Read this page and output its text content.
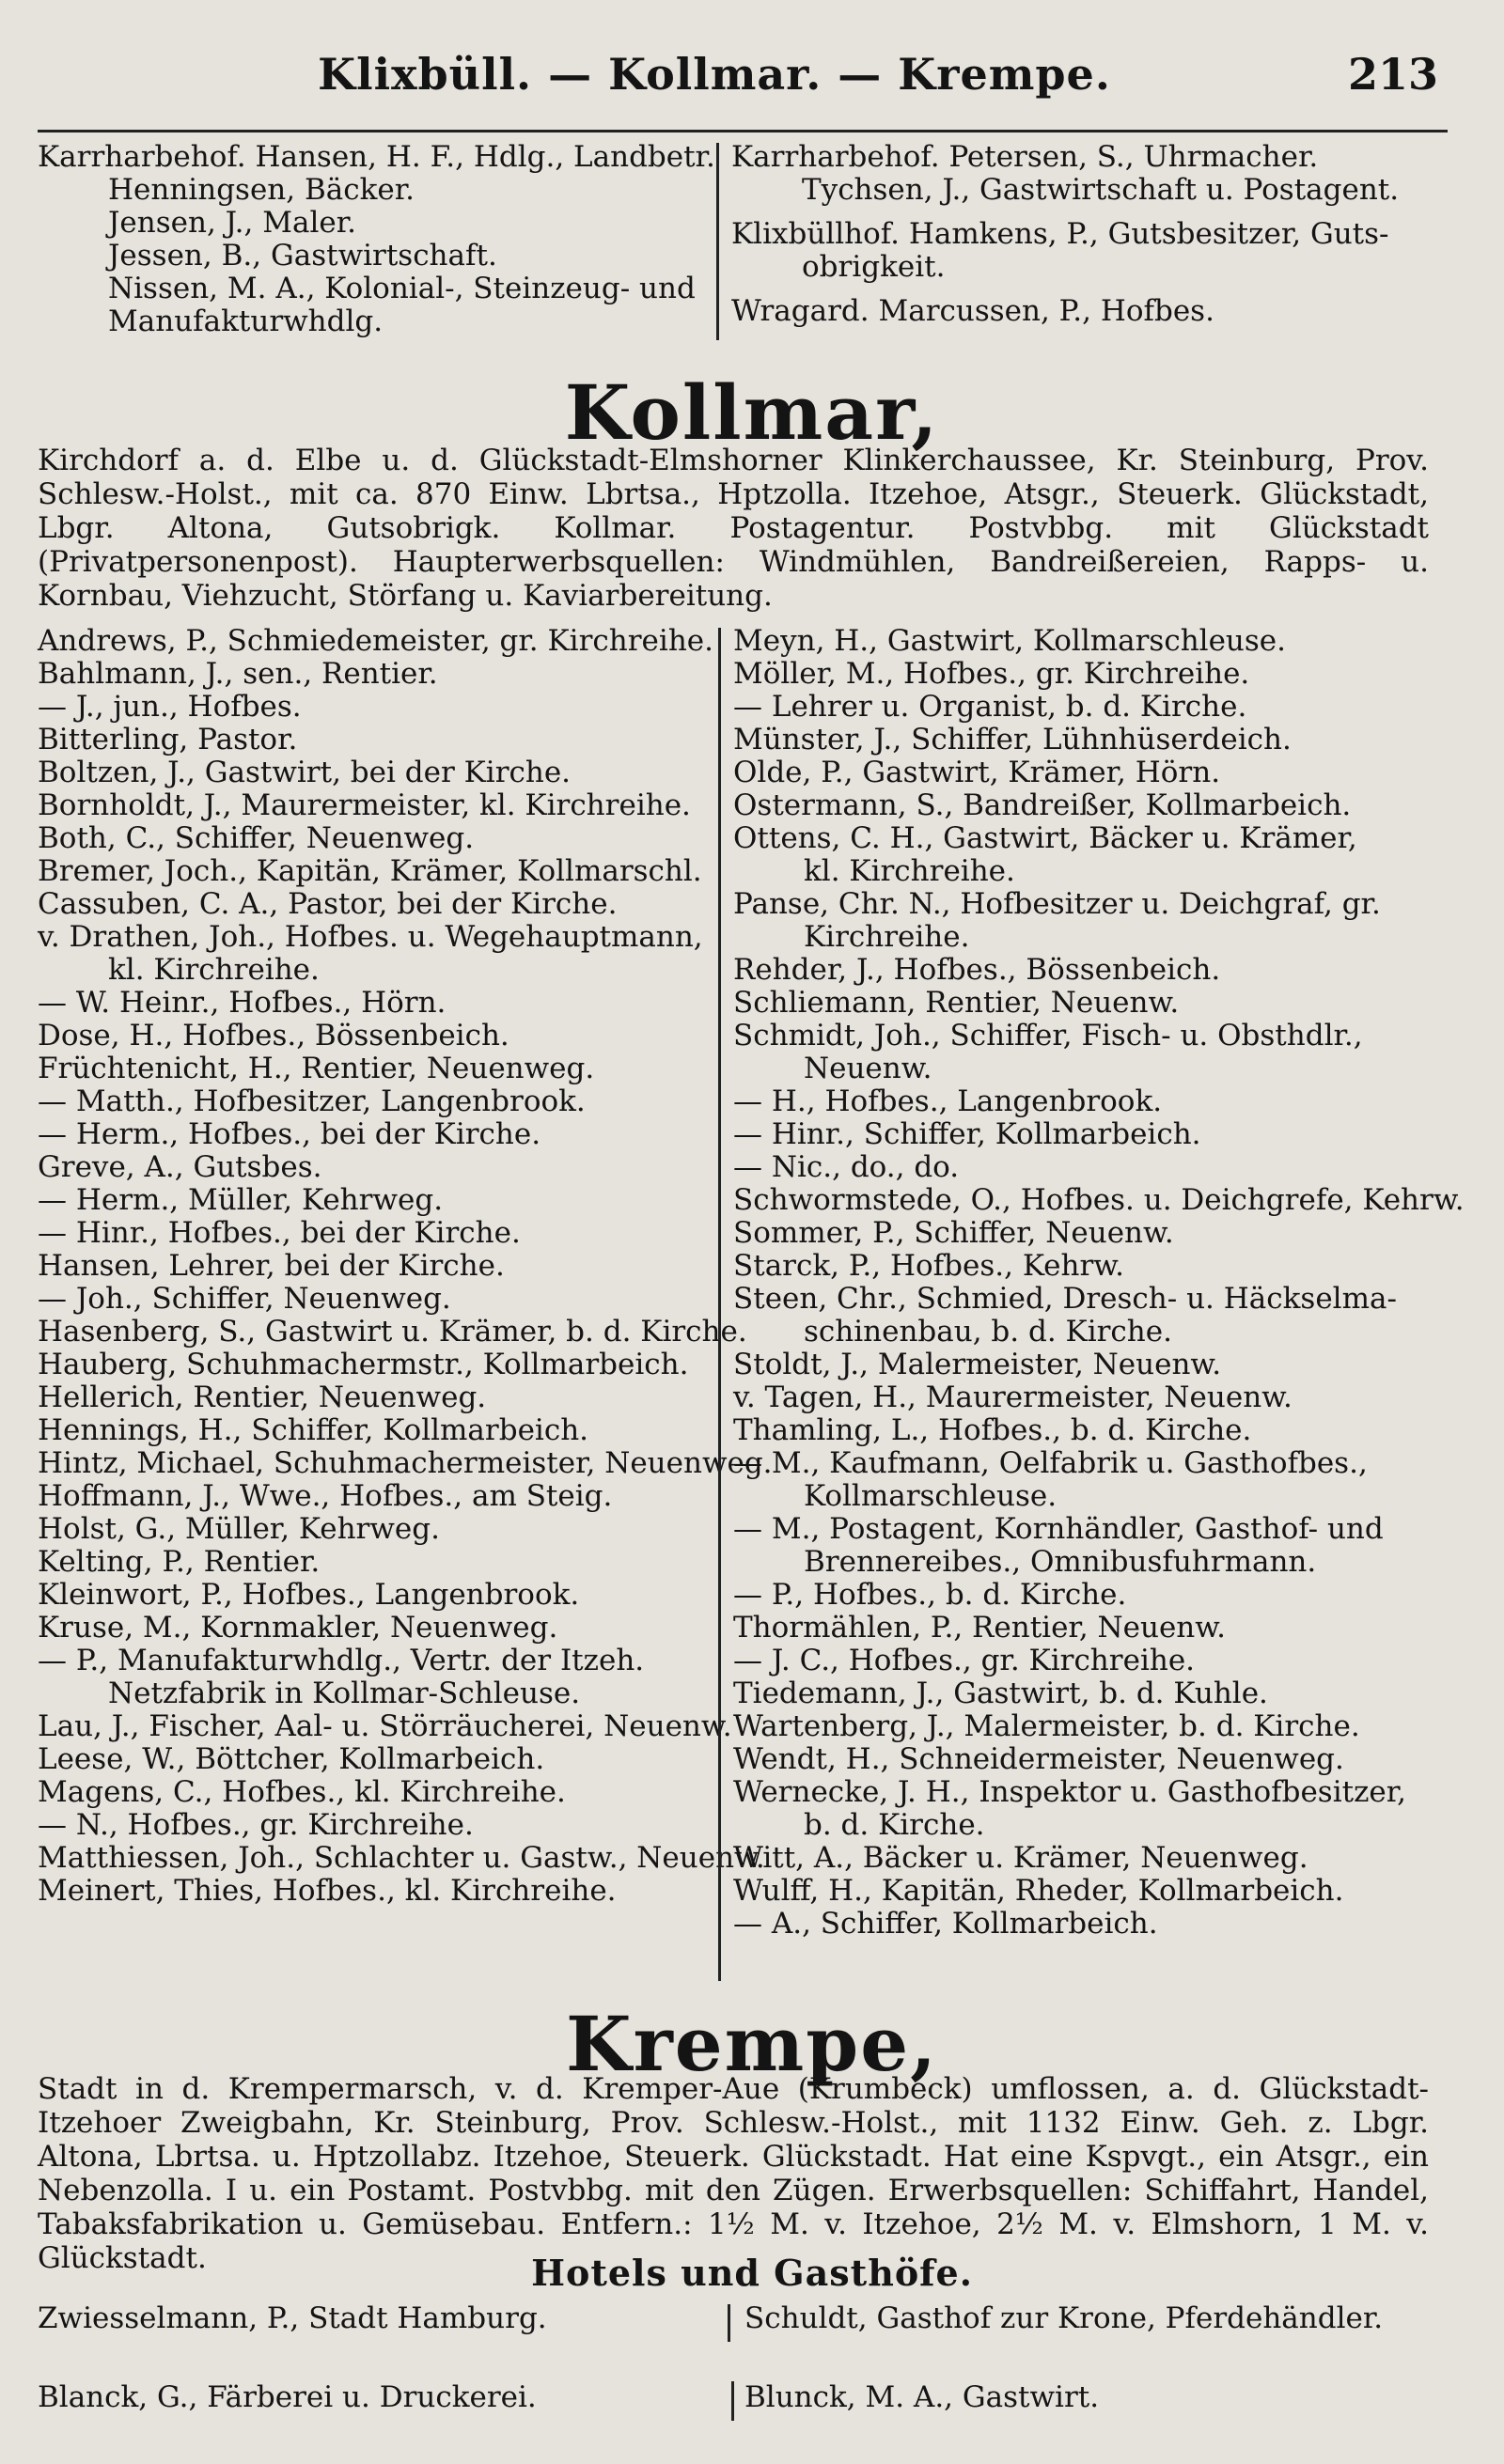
Klixbüll. — Kollmar. — Krempe.	213
Karrharbehof. Hansen, H. F., Hdlg., Landbetr.
Henningsen, Bäcker.
Jensen, J., Maler.
Jessen, B., Gastwirtschaft.
Nissen, M. A., Kolonial-, Steinzeug- und
Manufakturwhdlg.
Karrharbehof. Petersen, S., Uhrmacher.
Tychsen, J., Gastwirtschaft u. Postagent.
Klixbüllhof. Hamkens, P., Gutsbesitzer, Guts-
obrigkeit.
Wragard. Marcussen, P., Hofbes.
Kollmar,
Kirchdorf a. d. Elbe u. d. Glückstadt-Elmshorner Klinkerchaussee, Kr. Steinburg, Prov. Schlesw.-Holst., mit ca. 870 Einw. Lbrtsa., Hptzolla. Itzehoe, Atsgr., Steuerk. Glückstadt, Lbgr. Altona, Gutsobrigk. Kollmar. Postagentur. Postvbbg. mit Glückstadt (Privatpersonenpost). Haupterwerbsquellen: Windmühlen, Bandreißereien, Rapps- u. Kornbau, Viehzucht, Störfang u. Kaviarbereitung.
Andrews, P., Schmiedemeister, gr. Kirchreihe.
Bahlmann, J., sen., Rentier.
— J., jun., Hofbes.
Bitterling, Pastor.
Boltzen, J., Gastwirt, bei der Kirche.
Bornholdt, J., Maurermeister, kl. Kirchreihe.
Both, C., Schiffer, Neuenweg.
Bremer, Joch., Kapitän, Krämer, Kollmarschl.
Cassuben, C. A., Pastor, bei der Kirche.
v. Drathen, Joh., Hofbes. u. Wegehauptmann,
kl. Kirchreihe.
— W. Heinr., Hofbes., Hörn.
Dose, H., Hofbes., Bössenbeich.
Früchtenicht, H., Rentier, Neuenweg.
— Matth., Hofbesitzer, Langenbrook.
— Herm., Hofbes., bei der Kirche.
Greve, A., Gutsbes.
— Herm., Müller, Kehrweg.
— Hinr., Hofbes., bei der Kirche.
Hansen, Lehrer, bei der Kirche.
— Joh., Schiffer, Neuenweg.
Hasenberg, S., Gastwirt u. Krämer, b. d. Kirche.
Hauberg, Schuhmachermstr., Kollmarbeich.
Hellerich, Rentier, Neuenweg.
Hennings, H., Schiffer, Kollmarbeich.
Hintz, Michael, Schuhmachermeister, Neuenweg.
Hoffmann, J., Wwe., Hofbes., am Steig.
Holst, G., Müller, Kehrweg.
Kelting, P., Rentier.
Kleinwort, P., Hofbes., Langenbrook.
Kruse, M., Kornmakler, Neuenweg.
— P., Manufakturwhdlg., Vertr. der Itzeh.
Netzfabrik in Kollmar-Schleuse.
Lau, J., Fischer, Aal- u. Störräucherei, Neuenw.
Leese, W., Böttcher, Kollmarbeich.
Magens, C., Hofbes., kl. Kirchreihe.
— N., Hofbes., gr. Kirchreihe.
Matthiessen, Joh., Schlachter u. Gastw., Neuenw.
Meinert, Thies, Hofbes., kl. Kirchreihe.
Meyn, H., Gastwirt, Kollmarschleuse.
Möller, M., Hofbes., gr. Kirchreihe.
— Lehrer u. Organist, b. d. Kirche.
Münster, J., Schiffer, Lühnhüserdeich.
Olde, P., Gastwirt, Krämer, Hörn.
Ostermann, S., Bandreißer, Kollmarbeich.
Ottens, C. H., Gastwirt, Bäcker u. Krämer,
kl. Kirchreihe.
Panse, Chr. N., Hofbesitzer u. Deichgraf, gr.
Kirchreihe.
Rehder, J., Hofbes., Bössenbeich.
Schliemann, Rentier, Neuenw.
Schmidt, Joh., Schiffer, Fisch- u. Obsthdlr.,
Neuenw.
— H., Hofbes., Langenbrook.
— Hinr., Schiffer, Kollmarbeich.
— Nic., do., do.
Schwormstede, O., Hofbes. u. Deichgrefe, Kehrw.
Sommer, P., Schiffer, Neuenw.
Starck, P., Hofbes., Kehrw.
Steen, Chr., Schmied, Dresch- u. Häckselma-
schinenbau, b. d. Kirche.
Stoldt, J., Malermeister, Neuenw.
v. Tagen, H., Maurermeister, Neuenw.
Thamling, L., Hofbes., b. d. Kirche.
— M., Kaufmann, Oelfabrik u. Gasthofbes.,
Kollmarschleuse.
— M., Postagent, Kornhändler, Gasthof- und
Brennereibes., Omnibusfuhrmann.
— P., Hofbes., b. d. Kirche.
Thormählen, P., Rentier, Neuenw.
— J. C., Hofbes., gr. Kirchreihe.
Tiedemann, J., Gastwirt, b. d. Kuhle.
Wartenberg, J., Malermeister, b. d. Kirche.
Wendt, H., Schneidermeister, Neuenweg.
Wernecke, J. H., Inspektor u. Gasthofbesitzer,
b. d. Kirche.
Witt, A., Bäcker u. Krämer, Neuenweg.
Wulff, H., Kapitän, Rheder, Kollmarbeich.
— A., Schiffer, Kollmarbeich.
Krempe,
Stadt in d. Krempermarsch, v. d. Kremper-Aue (Krumbeck) umflossen, a. d. Glückstadt-Itzehoer Zweigbahn, Kr. Steinburg, Prov. Schlesw.-Holst., mit 1132 Einw. Geh. z. Lbgr. Altona, Lbrtsa. u. Hptzollabz. Itzehoe, Steuerk. Glückstadt. Hat eine Kspvgt., ein Atsgr., ein Nebenzolla. I u. ein Postamt. Postvbbg. mit den Zügen. Erwerbsquellen: Schiffahrt, Handel, Tabaksfabrikation u. Gemüsebau. Entfern.: 1½ M. v. Itzehoe, 2½ M. v. Elmshorn, 1 M. v. Glückstadt.	Hotels und Gasthöfe.
Zwiesselmann, P., Stadt Hamburg.	Schuldt, Gasthof zur Krone, Pferdehändler.
Blanck, G., Färberei u. Druckerei.	Blunck, M. A., Gastwirt.
